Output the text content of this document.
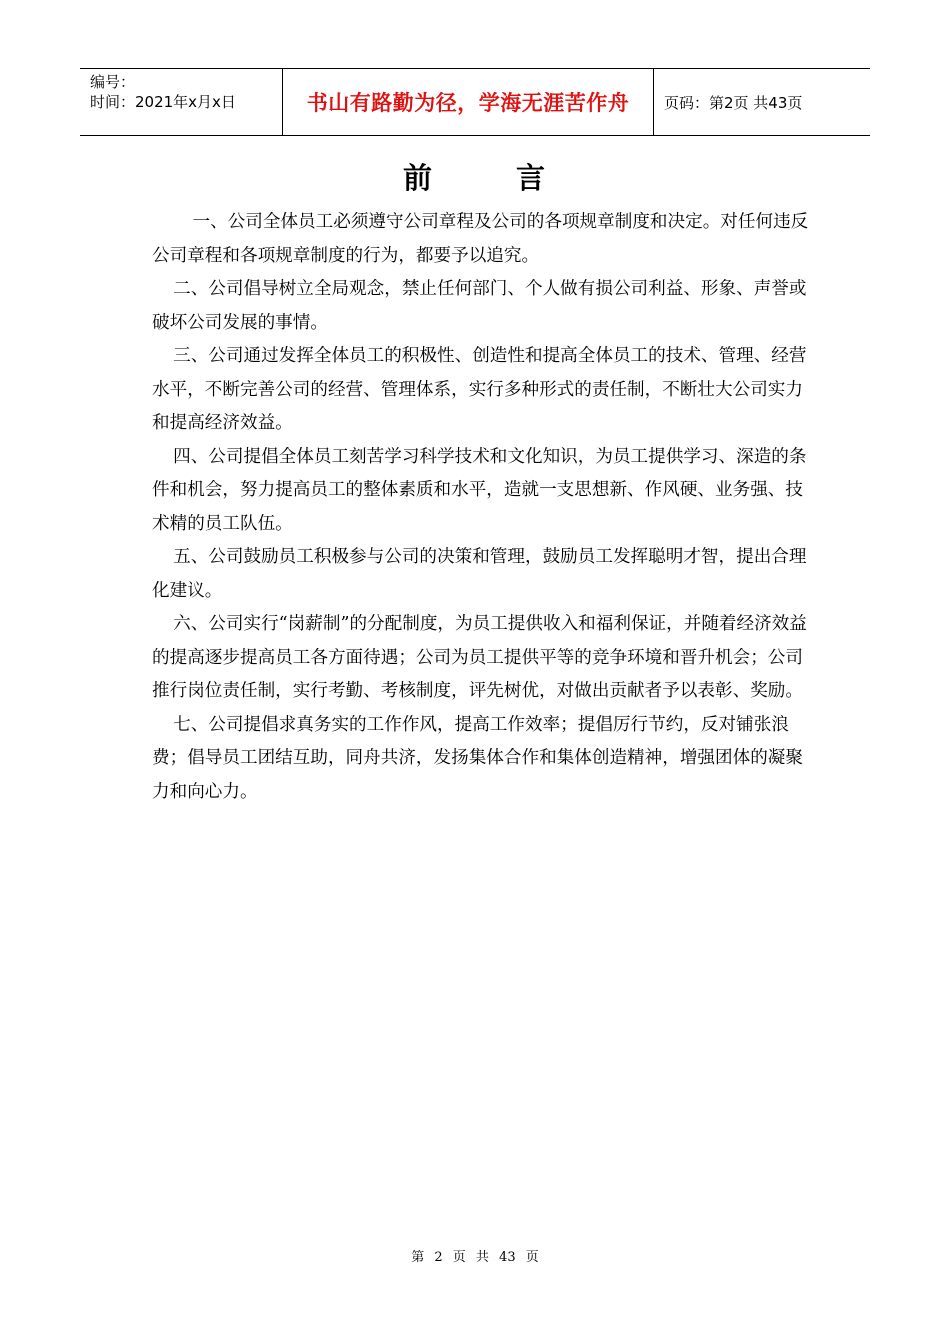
编号：
时间：2021年x月x日	书山有路勤为径，学海无涯苦作舟 页码：第2页 共43页
前	言

一、公司全体员工必须遵守公司章程及公司的各项规章制度和决定。对任何违反公司章程和各项规章制度的行为，都要予以追究。

二、公司倡导树立全局观念，禁止任何部门、个人做有损公司利益、形象、声誉或破坏公司发展的事情。

三、公司通过发挥全体员工的积极性、创造性和提高全体员工的技术、管理、经营水平，不断完善公司的经营、管理体系，实行多种形式的责任制，不断壮大公司实力和提高经济效益。

四、公司提倡全体员工刻苦学习科学技术和文化知识，为员工提供学习、深造的条件和机会，努力提高员工的整体素质和水平，造就一支思想新、作风硬、业务强、技术精的员工队伍。

五、公司鼓励员工积极参与公司的决策和管理，鼓励员工发挥聪明才智，提出合理化建议。

六、公司实行“岗薪制”的分配制度，为员工提供收入和福利保证，并随着经济效益的提高逐步提高员工各方面待遇；公司为员工提供平等的竞争环境和晋升机会；公司推行岗位责任制，实行考勤、考核制度，评先树优，对做出贡献者予以表彰、奖励。

七、公司提倡求真务实的工作作风，提高工作效率；提倡厉行节约，反对铺张浪费；倡导员工团结互助，同舟共济，发扬集体合作和集体创造精神，增强团体的凝聚力和向心力。

第 2 页 共 43 页
